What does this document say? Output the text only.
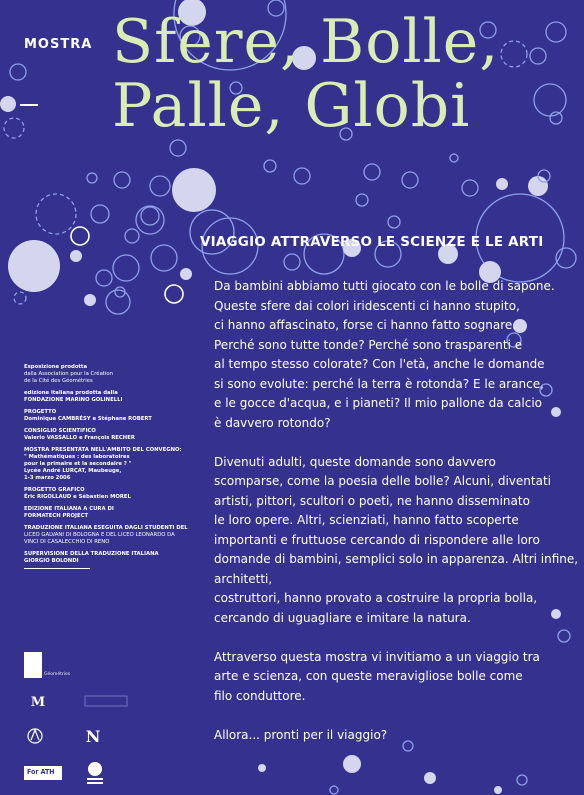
MOSTRA Sfere, Bolle,
Palle, Globi
VIAGGIO ATTRAVERSO LE SCIENZE E LE ARTI

Da bambini abbiamo tutti giocato con le bolle di sapone.
Queste sfere dai colori iridescenti ci hanno stupito,
ci hanno affascinato, forse ci hanno fatto sognare.
Perché sono tutte tonde? Perché sono trasparenti e
al tempo stesso colorate? Con l'età, anche le domande
si sono evolute: perché la terra è rotonda? E le arance,
e le gocce d'acqua, e i pianeti? Il mio pallone da calcio
è davvero rotondo?

Divenuti adulti, queste domande sono davvero
scomparse, come la poesia delle bolle? Alcuni, diventati
artisti, pittori, scultori o poeti, ne hanno disseminato
le loro opere. Altri, scienziati, hanno fatto scoperte
importanti e fruttuose cercando di rispondere alle loro
domande di bambini, semplici solo in apparenza. Altri infine,
architetti,
costruttori, hanno provato a costruire la propria bolla,
cercando di uguagliare e imitare la natura.

Attraverso questa mostra vi invitiamo a un viaggio tra
arte e scienza, con queste meravigliose bolle come
filo conduttore.

Allora... pronti per il viaggio?

Esposizione prodotta
dalla Association pour la Création
de la Cité des Géométries
edizione italiana prodotta dalla
FONDAZIONE MARINO GOLINELLI
PROGETTO
Dominique CAMBRÉSY e Stéphane ROBERT
CONSIGLIO SCIENTIFICO
Valerio VASSALLO e François RECHER
MOSTRA PRESENTATA NELL'AMBITO DEL CONVEGNO:
" Mathématiques : des laboratoires
pour la primaire et la secondaire ? "
Lycée André LURÇAT, Maubeuge,
1-3 marzo 2006
PROGETTO GRAFICO
Éric RIGOLLAUD e Sébastien MOREL
EDIZIONE ITALIANA A CURA DI
FORMATECH PROJECT
TRADUZIONE ITALIANA ESEGUITA DAGLI STUDENTI DEL
LICEO GALVANI DI BOLOGNA E DEL LICEO LEONARDO DA
VINCI DI CASALECCHIO DI RENO
SUPERVISIONE DELLA TRADUZIONE ITALIANA
GIORGIO BOLONDI
Géométries
M
N
For ATH
